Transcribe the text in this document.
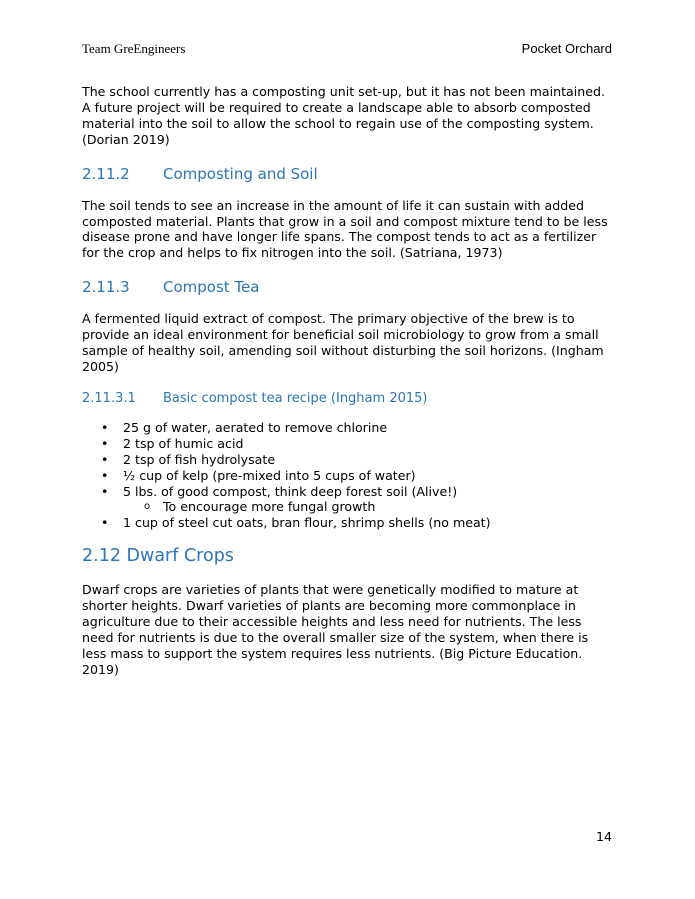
Team GreEngineers	Pocket Orchard

The school currently has a composting unit set-up, but it has not been maintained. A future project will be required to create a landscape able to absorb composted material into the soil to allow the school to regain use of the composting system. (Dorian 2019)

2.11.2	Composting and Soil

The soil tends to see an increase in the amount of life it can sustain with added composted material. Plants that grow in a soil and compost mixture tend to be less disease prone and have longer life spans. The compost tends to act as a fertilizer for the crop and helps to fix nitrogen into the soil. (Satriana, 1973)

2.11.3	Compost Tea

A fermented liquid extract of compost. The primary objective of the brew is to provide an ideal environment for beneficial soil microbiology to grow from a small sample of healthy soil, amending soil without disturbing the soil horizons. (Ingham 2005)

2.11.3.1	Basic compost tea recipe (Ingham 2015)
• 25 g of water, aerated to remove chlorine
• 2 tsp of humic acid
• 2 tsp of fish hydrolysate
• ½ cup of kelp (pre-mixed into 5 cups of water)
• 5 lbs. of good compost, think deep forest soil (Alive!)
o To encourage more fungal growth
• 1 cup of steel cut oats, bran flour, shrimp shells (no meat)
2.12 Dwarf Crops

Dwarf crops are varieties of plants that were genetically modified to mature at shorter heights. Dwarf varieties of plants are becoming more commonplace in agriculture due to their accessible heights and less need for nutrients. The less need for nutrients is due to the overall smaller size of the system, when there is less mass to support the system requires less nutrients. (Big Picture Education. 2019)

14
